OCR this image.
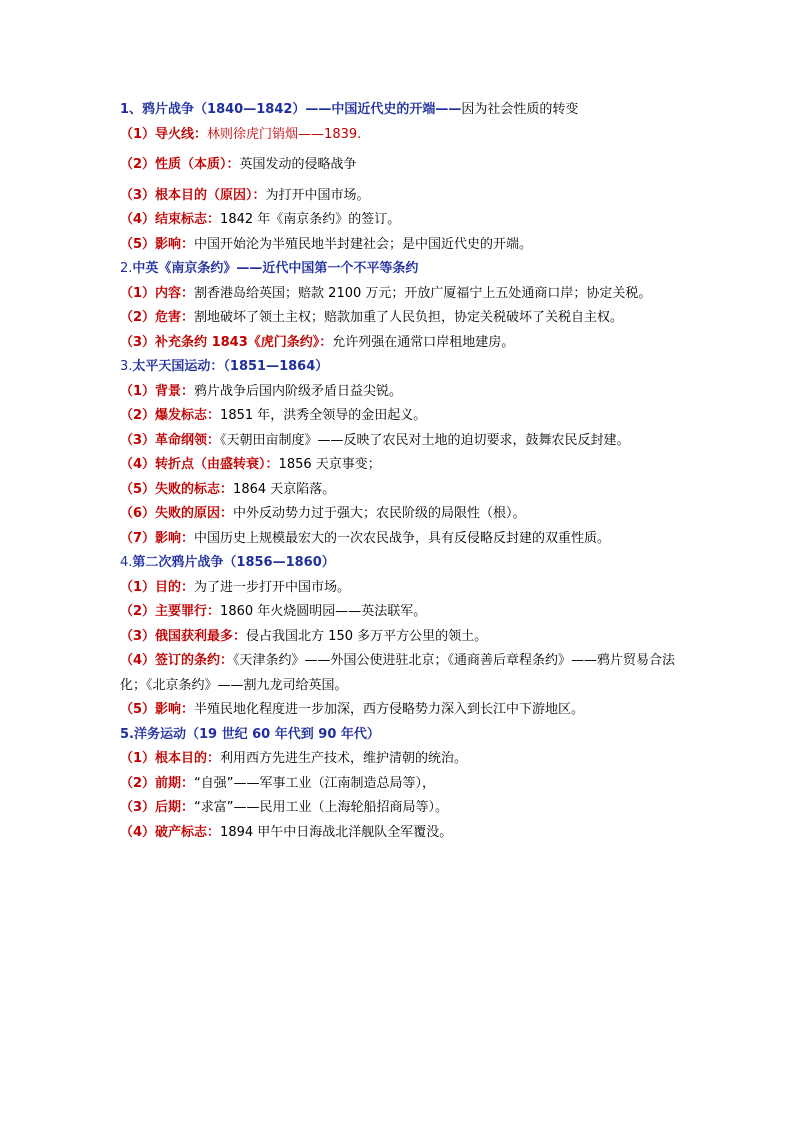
1、鸦片战争（1840—1842）——中国近代史的开端——因为社会性质的转变
（1）导火线：林则徐虎门销烟——1839.
（2）性质（本质）：英国发动的侵略战争
（3）根本目的（原因）：为打开中国市场。
（4）结束标志：1842 年《南京条约》的签订。
（5）影响：中国开始沦为半殖民地半封建社会；是中国近代史的开端。
2.中英《南京条约》——近代中国第一个不平等条约
（1）内容：割香港岛给英国；赔款 2100 万元；开放广厦福宁上五处通商口岸；协定关税。
（2）危害：割地破坏了领土主权；赔款加重了人民负担，协定关税破坏了关税自主权。
（3）补充条约 1843《虎门条约》：允许列强在通常口岸租地建房。
3.太平天国运动：（1851—1864）
（1）背景：鸦片战争后国内阶级矛盾日益尖锐。
（2）爆发标志：1851 年，洪秀全领导的金田起义。
（3）革命纲领：《天朝田亩制度》——反映了农民对土地的迫切要求，鼓舞农民反封建。
（4）转折点（由盛转衰）：1856 天京事变；
（5）失败的标志：1864 天京陷落。
（6）失败的原因：中外反动势力过于强大；农民阶级的局限性（根）。
（7）影响：中国历史上规模最宏大的一次农民战争，具有反侵略反封建的双重性质。
4.第二次鸦片战争（1856—1860）
（1）目的：为了进一步打开中国市场。
（2）主要罪行：1860 年火烧圆明园——英法联军。
（3）俄国获利最多：侵占我国北方 150 多万平方公里的领土。
（4）签订的条约：《天津条约》——外国公使进驻北京；《通商善后章程条约》——鸦片贸易合法化；《北京条约》——割九龙司给英国。
（5）影响：半殖民地化程度进一步加深，西方侵略势力深入到长江中下游地区。
5.洋务运动（19 世纪 60 年代到 90 年代）
（1）根本目的：利用西方先进生产技术，维护清朝的统治。
（2）前期：“自强”——军事工业（江南制造总局等），
（3）后期：“求富”——民用工业（上海轮船招商局等）。
（4）破产标志：1894 甲午中日海战北洋舰队全军覆没。
